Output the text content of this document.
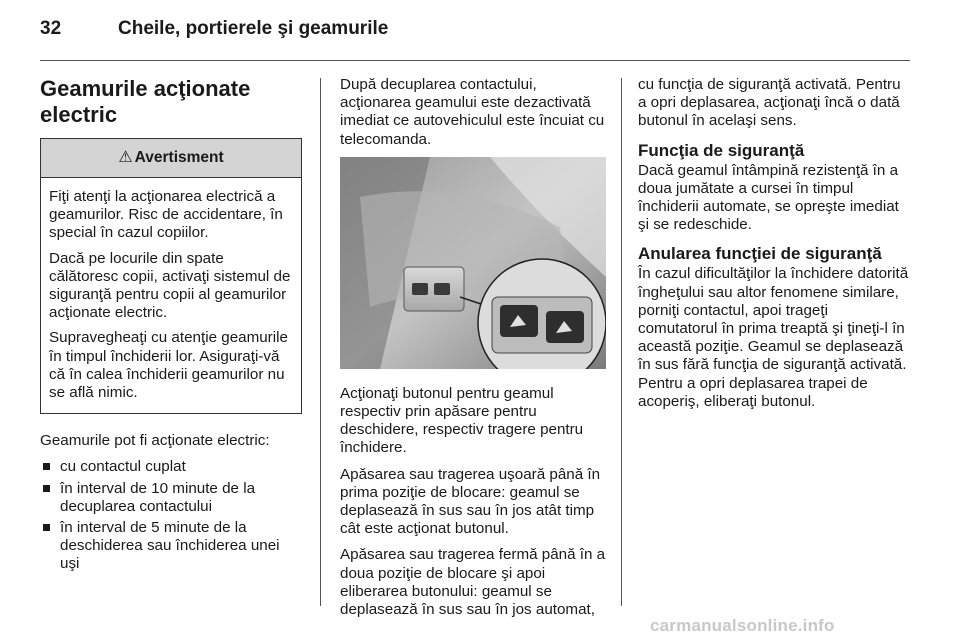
32	Cheile, portierele şi geamurile
Geamurile acţionate electric
⚠ Avertisment

Fiţi atenţi la acţionarea electrică a geamurilor. Risc de accidentare, în special în cazul copiilor.

Dacă pe locurile din spate călătoresc copii, activaţi sistemul de siguranţă pentru copii al geamurilor acţionate electric.

Supravegheaţi cu atenţie geamurile în timpul închiderii lor. Asiguraţi-vă că în calea închiderii geamurilor nu se află nimic.

Geamurile pot fi acţionate electric:

cu contactul cuplat
în interval de 10 minute de la decuplarea contactului
în interval de 5 minute de la deschiderea sau închiderea unei uşi

După decuplarea contactului, acţionarea geamului este dezactivată imediat ce autovehiculul este încuiat cu telecomanda.

Acţionaţi butonul pentru geamul respectiv prin apăsare pentru deschidere, respectiv tragere pentru închidere.

Apăsarea sau tragerea uşoară până în prima poziţie de blocare: geamul se deplasează în sus sau în jos atât timp cât este acţionat butonul.

Apăsarea sau tragerea fermă până în a doua poziţie de blocare şi apoi eliberarea butonului: geamul se deplasează în sus sau în jos automat,

cu funcţia de siguranţă activată. Pentru a opri deplasarea, acţionaţi încă o dată butonul în acelaşi sens.

Funcţia de siguranţă

Dacă geamul întâmpină rezistenţă în a doua jumătate a cursei în timpul închiderii automate, se opreşte imediat şi se redeschide.

Anularea funcţiei de siguranţă

În cazul dificultăţilor la închidere datorită îngheţului sau altor fenomene similare, porniţi contactul, apoi trageţi comutatorul în prima treaptă şi ţineţi-l în această poziţie. Geamul se deplasează în sus fără funcţia de siguranţă activată. Pentru a opri deplasarea trapei de acoperiş, eliberaţi butonul.

carmanualsonline.info
